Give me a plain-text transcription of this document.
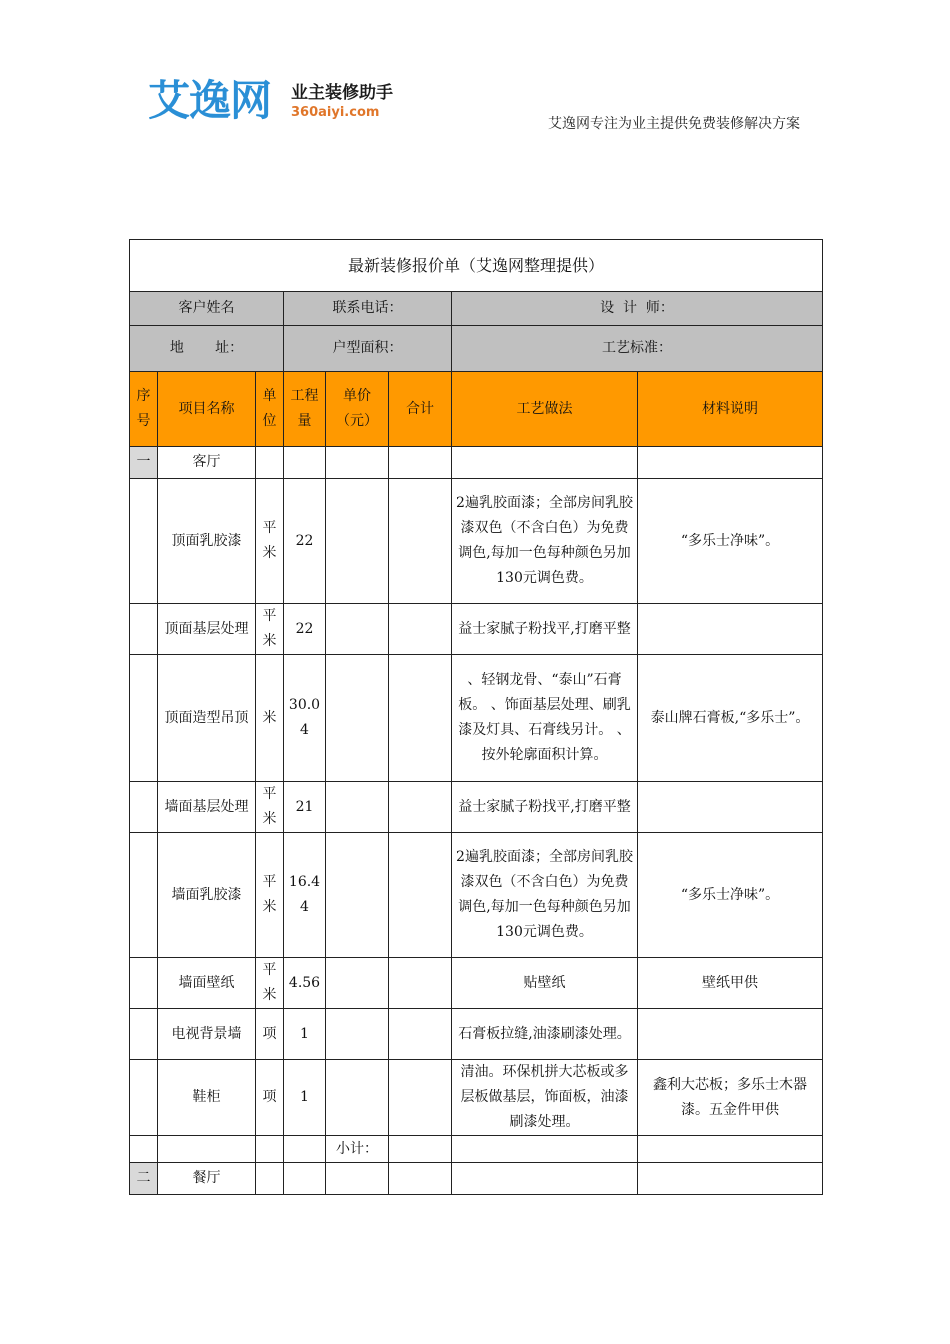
艾逸网 业主装修助手
360aiyi.com
艾逸网专注为业主提供免费装修解决方案
最新装修报价单（艾逸网整理提供）							
客户姓名			联系电话：			设  计  师：	
地       址：			户型面积：			工艺标准：	
序号	项目名称	单位	工程量	单价（元）	合计	工艺做法	材料说明
一	客厅						
	顶面乳胶漆	平米	22			2遍乳胶面漆；全部房间乳胶漆双色（不含白色）为免费调色,每加一色每种颜色另加130元调色费。	“多乐士净味”。
	顶面基层处理	平米	22			益士家腻子粉找平,打磨平整	
	顶面造型吊顶	米	30.04			、轻钢龙骨、“泰山”石膏板。 、饰面基层处理、刷乳漆及灯具、石膏线另计。 、按外轮廓面积计算。	泰山牌石膏板,“多乐士”。
	墙面基层处理	平米	21			益士家腻子粉找平,打磨平整	
	墙面乳胶漆	平米	16.44			2遍乳胶面漆；全部房间乳胶漆双色（不含白色）为免费调色,每加一色每种颜色另加130元调色费。	“多乐士净味”。
	墙面壁纸	平米	4.56			贴壁纸	壁纸甲供
	电视背景墙	项	1			石膏板拉缝,油漆刷漆处理。	
	鞋柜	项	1			清油。环保机拼大芯板或多层板做基层，饰面板，油漆刷漆处理。	鑫利大芯板；多乐士木器漆。五金件甲供
				小计：			
二	餐厅						
